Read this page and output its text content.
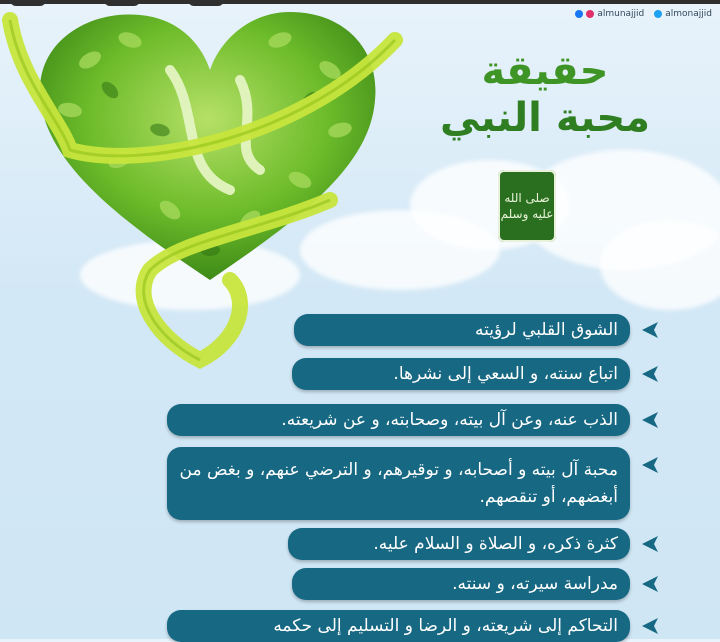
almunajjid almonajjid
حقيقة
محبة النبي
صلى الله عليه وسلم
الشوق القلبي لرؤيته
اتباع سنته، و السعي إلى نشرها.
الذب عنه، وعن آل بيته، وصحابته، و عن شريعته.
محبة آل بيته و أصحابه، و توقيرهم، و الترضي عنهم، و بغض من أبغضهم، أو تنقصهم.
كثرة ذكره، و الصلاة و السلام عليه.
مدراسة سيرته، و سنته.
التحاكم إلى شريعته، و الرضا و التسليم إلى حكمه
